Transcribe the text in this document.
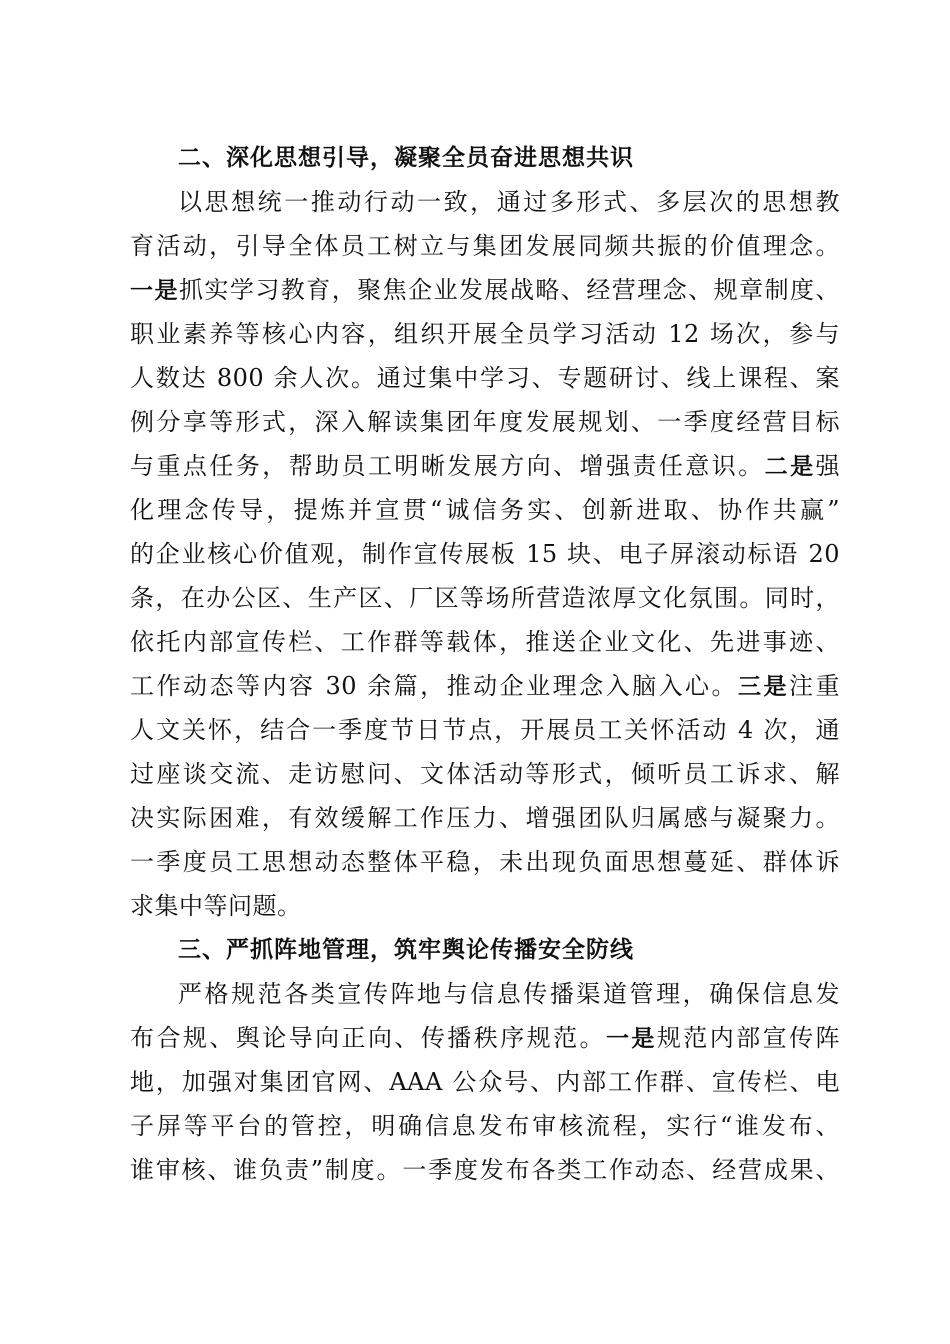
二、深化思想引导，凝聚全员奋进思想共识
以思想统一推动行动一致，通过多形式、多层次的思想教
育活动，引导全体员工树立与集团发展同频共振的价值理念。
一是抓实学习教育，聚焦企业发展战略、经营理念、规章制度、
职业素养等核心内容，组织开展全员学习活动 12 场次，参与
人数达 800 余人次。通过集中学习、专题研讨、线上课程、案
例分享等形式，深入解读集团年度发展规划、一季度经营目标
与重点任务，帮助员工明晰发展方向、增强责任意识。二是强
化理念传导，提炼并宣贯“诚信务实、创新进取、协作共赢”
的企业核心价值观，制作宣传展板 15 块、电子屏滚动标语 20
条，在办公区、生产区、厂区等场所营造浓厚文化氛围。同时，
依托内部宣传栏、工作群等载体，推送企业文化、先进事迹、
工作动态等内容 30 余篇，推动企业理念入脑入心。三是注重
人文关怀，结合一季度节日节点，开展员工关怀活动 4 次，通
过座谈交流、走访慰问、文体活动等形式，倾听员工诉求、解
决实际困难，有效缓解工作压力、增强团队归属感与凝聚力。
一季度员工思想动态整体平稳，未出现负面思想蔓延、群体诉
求集中等问题。
三、严抓阵地管理，筑牢舆论传播安全防线
严格规范各类宣传阵地与信息传播渠道管理，确保信息发
布合规、舆论导向正向、传播秩序规范。一是规范内部宣传阵
地，加强对集团官网、AAA 公众号、内部工作群、宣传栏、电
子屏等平台的管控，明确信息发布审核流程，实行“谁发布、
谁审核、谁负责”制度。一季度发布各类工作动态、经营成果、
